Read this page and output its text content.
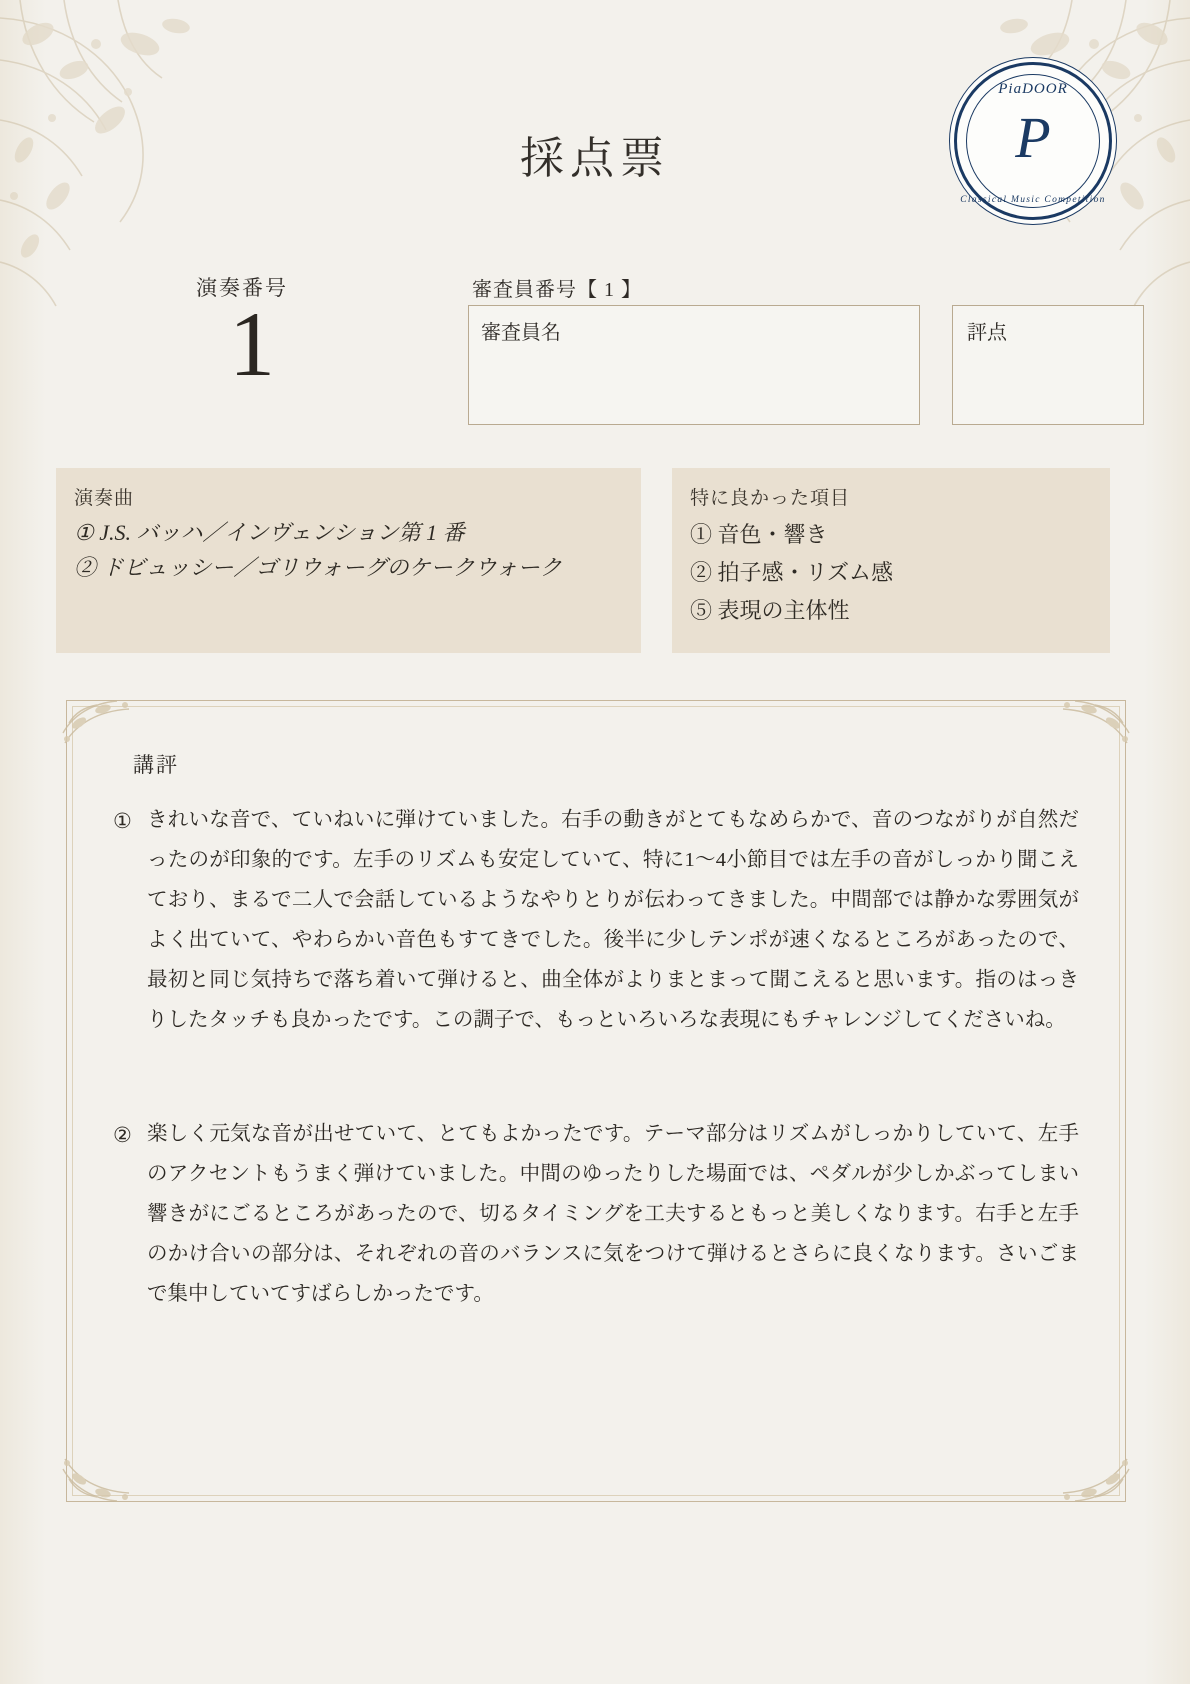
採点票
PiaDOOR
P
Classical Music Competition
演奏番号
1
審査員番号【 1 】
審査員名	評点
演奏曲
① J.S. バッハ／インヴェンション第 1 番
② ドビュッシー／ゴリウォーグのケークウォーク
特に良かった項目
① 音色・響き
② 拍子感・リズム感
⑤ 表現の主体性
講評
① きれいな音で、ていねいに弾けていました。右手の動きがとてもなめらかで、音のつながりが自然だったのが印象的です。左手のリズムも安定していて、特に1〜4小節目では左手の音がしっかり聞こえており、まるで二人で会話しているようなやりとりが伝わってきました。中間部では静かな雰囲気がよく出ていて、やわらかい音色もすてきでした。後半に少しテンポが速くなるところがあったので、最初と同じ気持ちで落ち着いて弾けると、曲全体がよりまとまって聞こえると思います。指のはっきりしたタッチも良かったです。この調子で、もっといろいろな表現にもチャレンジしてくださいね。
② 楽しく元気な音が出せていて、とてもよかったです。テーマ部分はリズムがしっかりしていて、左手のアクセントもうまく弾けていました。中間のゆったりした場面では、ペダルが少しかぶってしまい響きがにごるところがあったので、切るタイミングを工夫するともっと美しくなります。右手と左手のかけ合いの部分は、それぞれの音のバランスに気をつけて弾けるとさらに良くなります。さいごまで集中していてすばらしかったです。
